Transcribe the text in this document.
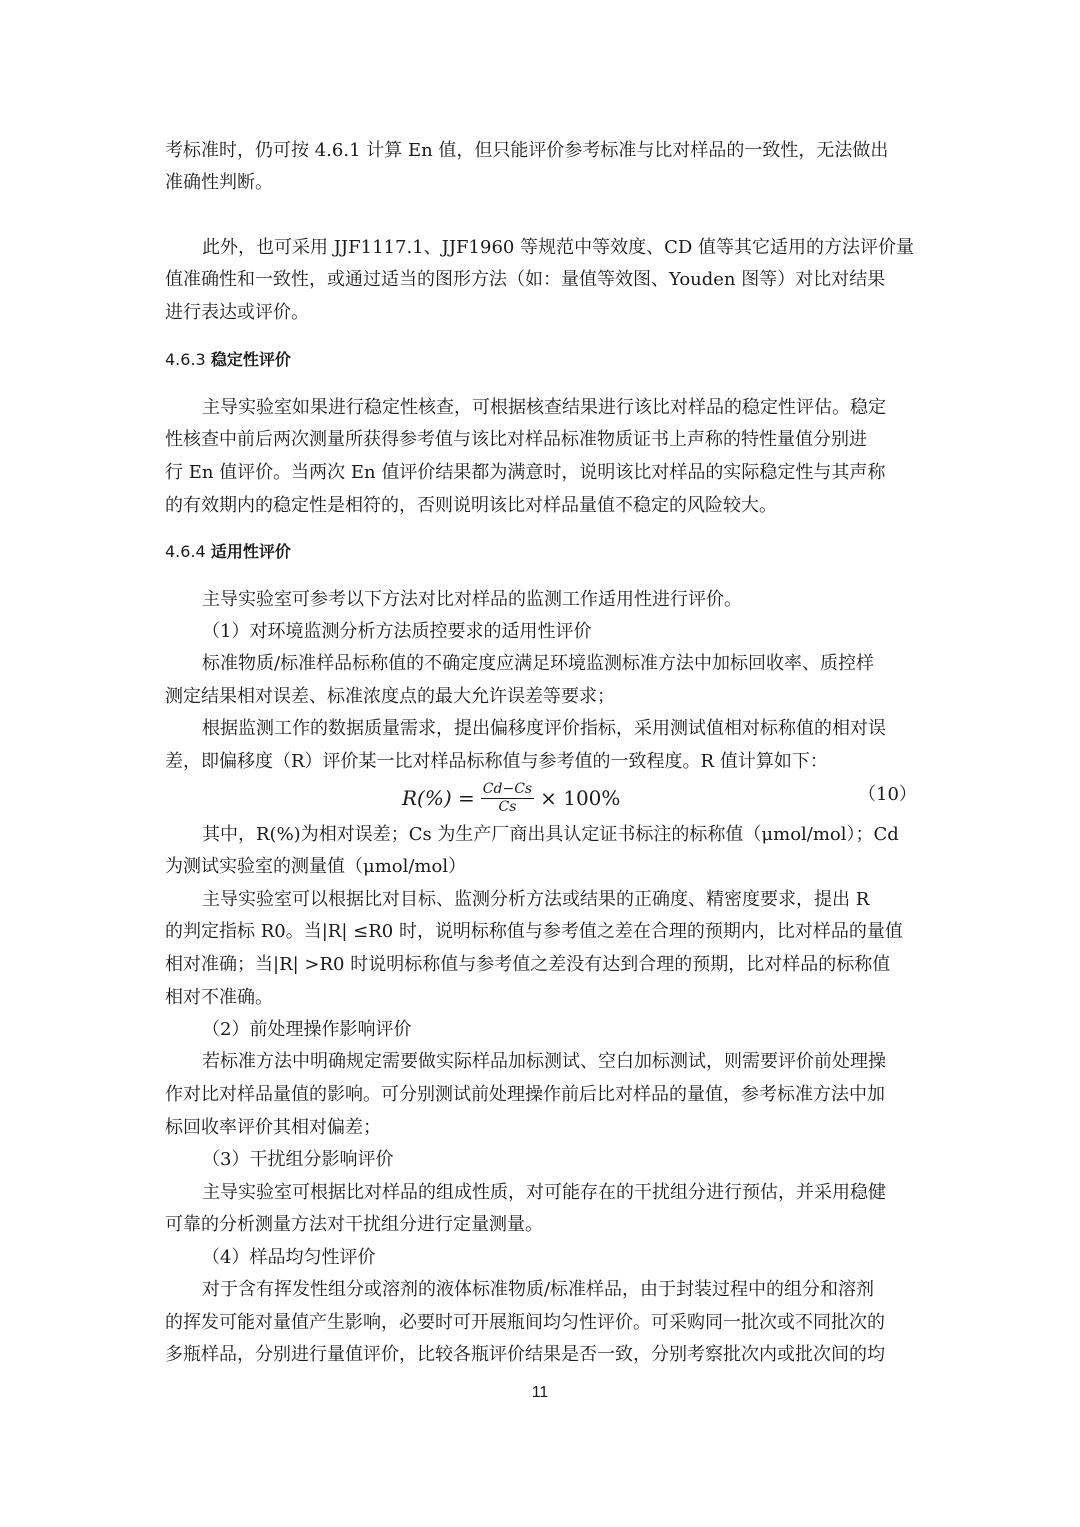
考标准时，仍可按 4.6.1 计算 En 值，但只能评价参考标准与比对样品的一致性，无法做出
准确性判断。
此外，也可采用 JJF1117.1、JJF1960 等规范中等效度、CD 值等其它适用的方法评价量
值准确性和一致性，或通过适当的图形方法（如：量值等效图、Youden 图等）对比对结果
进行表达或评价。
4.6.3 稳定性评价
主导实验室如果进行稳定性核查，可根据核查结果进行该比对样品的稳定性评估。稳定
性核查中前后两次测量所获得参考值与该比对样品标准物质证书上声称的特性量值分别进
行 En 值评价。当两次 En 值评价结果都为满意时，说明该比对样品的实际稳定性与其声称
的有效期内的稳定性是相符的，否则说明该比对样品量值不稳定的风险较大。
4.6.4 适用性评价
主导实验室可参考以下方法对比对样品的监测工作适用性进行评价。
（1）对环境监测分析方法质控要求的适用性评价
标准物质/标准样品标称值的不确定度应满足环境监测标准方法中加标回收率、质控样
测定结果相对误差、标准浓度点的最大允许误差等要求；
根据监测工作的数据质量需求，提出偏移度评价指标，采用测试值相对标称值的相对误
差，即偏移度（R）评价某一比对样品标称值与参考值的一致程度。R 值计算如下：
$R(\%) = \frac{Cd-Cs}{Cs} \times 100\%$	（10）
其中，R(%)为相对误差；Cs 为生产厂商出具认定证书标注的标称值（μmol/mol）；Cd
为测试实验室的测量值（μmol/mol）
主导实验室可以根据比对目标、监测分析方法或结果的正确度、精密度要求，提出 R
的判定指标 R0。当|R| ≤R0 时，说明标称值与参考值之差在合理的预期内，比对样品的量值
相对准确；当|R| >R0 时说明标称值与参考值之差没有达到合理的预期，比对样品的标称值
相对不准确。
（2）前处理操作影响评价
若标准方法中明确规定需要做实际样品加标测试、空白加标测试，则需要评价前处理操
作对比对样品量值的影响。可分别测试前处理操作前后比对样品的量值，参考标准方法中加
标回收率评价其相对偏差；
（3）干扰组分影响评价
主导实验室可根据比对样品的组成性质，对可能存在的干扰组分进行预估，并采用稳健
可靠的分析测量方法对干扰组分进行定量测量。
（4）样品均匀性评价
对于含有挥发性组分或溶剂的液体标准物质/标准样品，由于封装过程中的组分和溶剂
的挥发可能对量值产生影响，必要时可开展瓶间均匀性评价。可采购同一批次或不同批次的
多瓶样品，分别进行量值评价，比较各瓶评价结果是否一致，分别考察批次内或批次间的均
11
